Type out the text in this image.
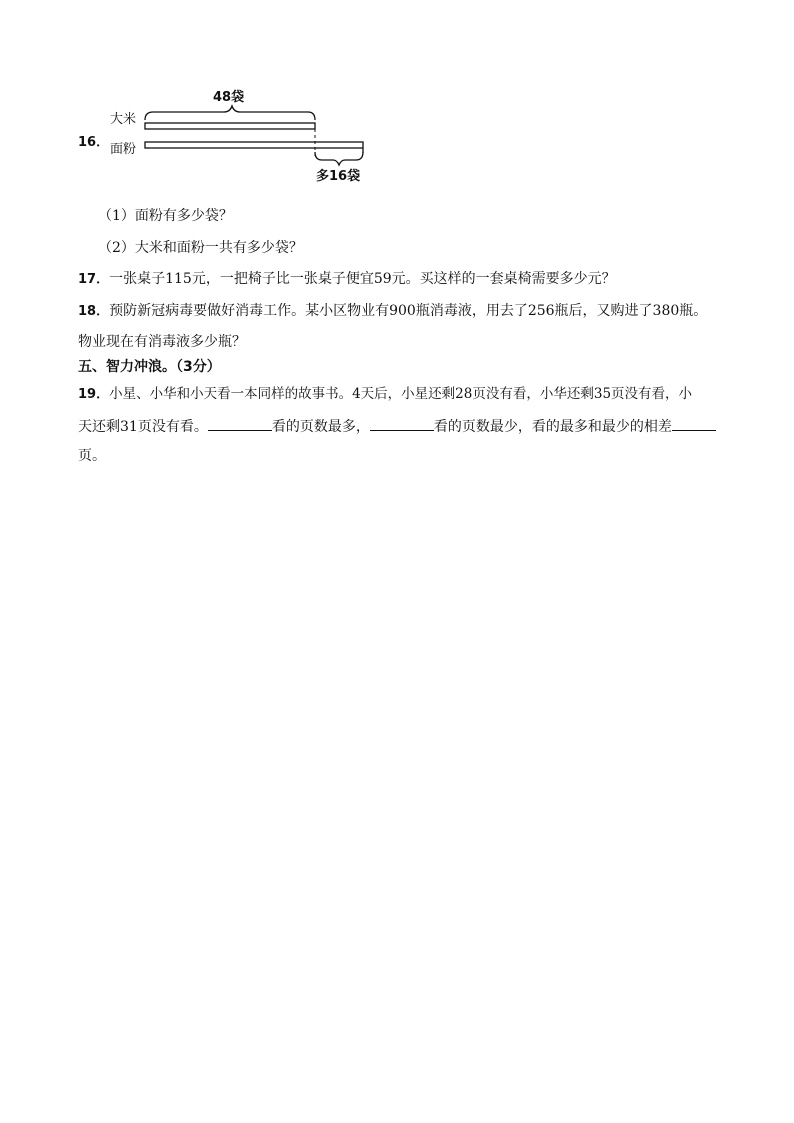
16．
大米
面粉
48袋
多16袋
（1）面粉有多少袋？
（2）大米和面粉一共有多少袋？
17．一张桌子115元，一把椅子比一张桌子便宜59元。买这样的一套桌椅需要多少元？
18．预防新冠病毒要做好消毒工作。某小区物业有900瓶消毒液，用去了256瓶后，又购进了380瓶。
物业现在有消毒液多少瓶？
五、智力冲浪。（3分）
19．小星、小华和小天看一本同样的故事书。4天后，小星还剩28页没有看，小华还剩35页没有看，小
天还剩31页没有看。	看的页数最多，	看的页数最少，看的最多和最少的相差
页。
